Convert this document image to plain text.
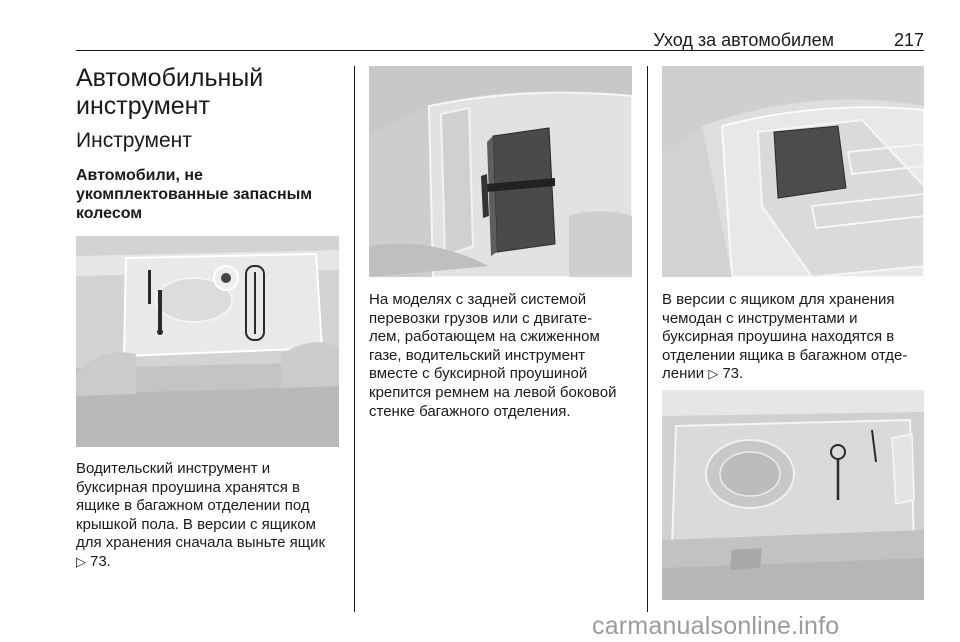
Уход за автомобилем	217
Автомобильный инструмент
Инструмент
Автомобили, не укомплектованные запасным колесом
Водительский инструмент и
буксирная проушина хранятся в
ящике в багажном отделении под
крышкой пола. В версии с ящиком
для хранения сначала выньте ящик
▷ 73.
На моделях с задней системой
перевозки грузов или с двигате-
лем, работающем на сжиженном
газе, водительский инструмент
вместе с буксирной проушиной
крепится ремнем на левой боковой
стенке багажного отделения.
В версии с ящиком для хранения
чемодан с инструментами и
буксирная проушина находятся в
отделении ящика в багажном отде-
лении ▷ 73.
carmanualsonline.info
